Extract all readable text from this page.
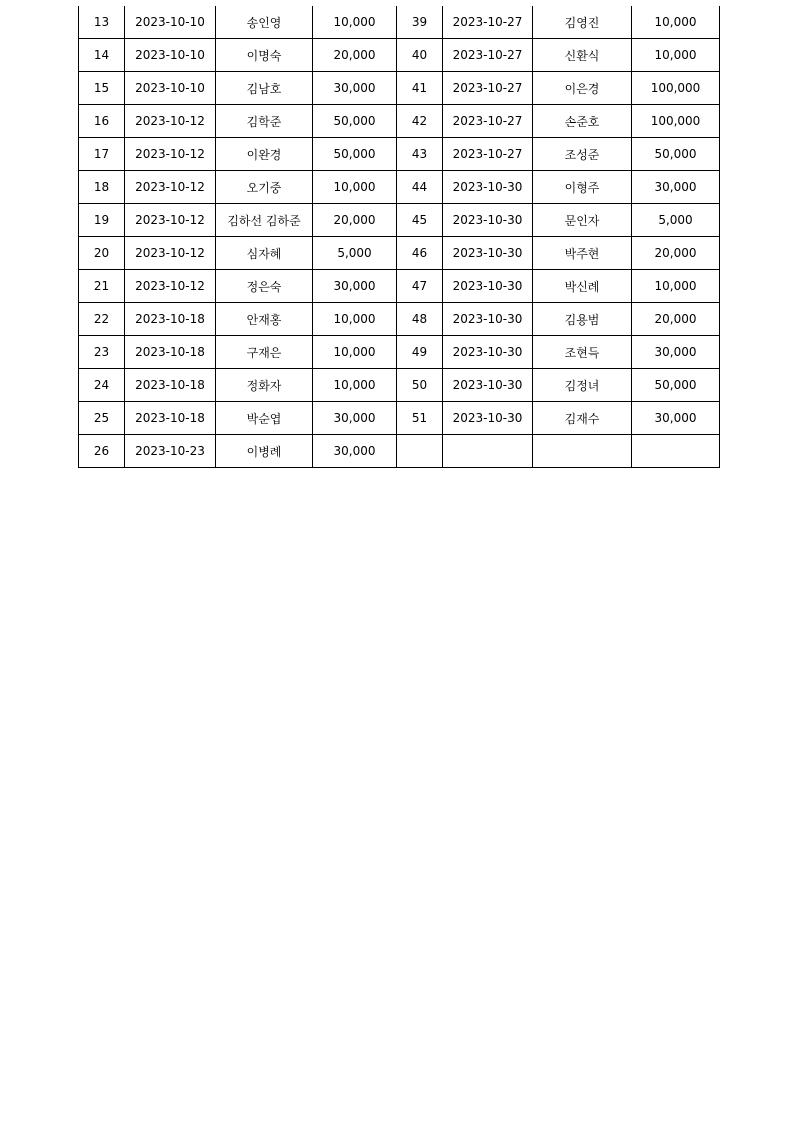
13	2023-10-10	송인영	10,000	39	2023-10-27	김영진	10,000
14	2023-10-10	이명숙	20,000	40	2023-10-27	신환식	10,000
15	2023-10-10	김남호	30,000	41	2023-10-27	이은경	100,000
16	2023-10-12	김학준	50,000	42	2023-10-27	손준호	100,000
17	2023-10-12	이완경	50,000	43	2023-10-27	조성준	50,000
18	2023-10-12	오기중	10,000	44	2023-10-30	이형주	30,000
19	2023-10-12	김하선 김하준	20,000	45	2023-10-30	문인자	5,000
20	2023-10-12	심자혜	5,000	46	2023-10-30	박주현	20,000
21	2023-10-12	정은숙	30,000	47	2023-10-30	박신례	10,000
22	2023-10-18	안재홍	10,000	48	2023-10-30	김용범	20,000
23	2023-10-18	구재은	10,000	49	2023-10-30	조현득	30,000
24	2023-10-18	정화자	10,000	50	2023-10-30	김정녀	50,000
25	2023-10-18	박순엽	30,000	51	2023-10-30	김재수	30,000
26	2023-10-23	이병례	30,000				
